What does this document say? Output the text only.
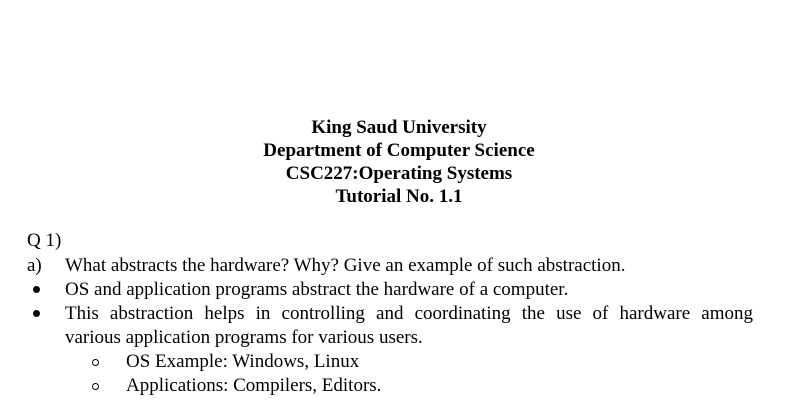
King Saud University
Department of Computer Science
CSC227:Operating Systems
Tutorial No. 1.1
Q 1)
a) What abstracts the hardware? Why? Give an example of such abstraction.
OS and application programs abstract the hardware of a computer.
This abstraction helps in controlling and coordinating the use of hardware among
various application programs for various users.
OS Example: Windows, Linux
Applications: Compilers, Editors.
